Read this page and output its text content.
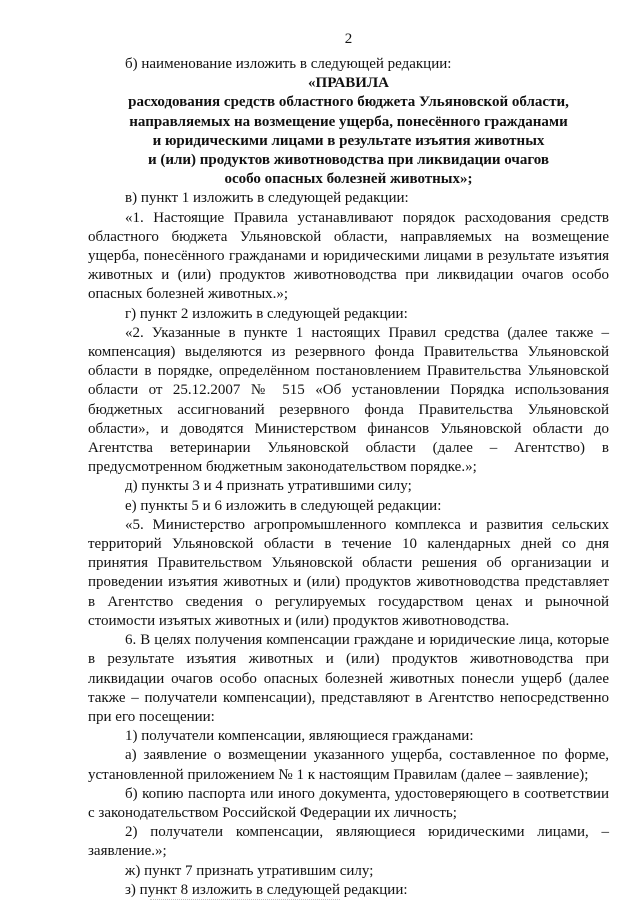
2

б) наименование изложить в следующей редакции:

«ПРАВИЛА
расходования средств областного бюджета Ульяновской области,
направляемых на возмещение ущерба, понесённого гражданами
и юридическими лицами в результате изъятия животных
и (или) продуктов животноводства при ликвидации очагов
особо опасных болезней животных»;

в) пункт 1 изложить в следующей редакции:

«1. Настоящие Правила устанавливают порядок расходования средств областного бюджета Ульяновской области, направляемых на возмещение ущерба, понесённого гражданами и юридическими лицами в результате изъятия животных и (или) продуктов животноводства при ликвидации очагов особо опасных болезней животных.»;

г) пункт 2 изложить в следующей редакции:

«2. Указанные в пункте 1 настоящих Правил средства (далее также – компенсация) выделяются из резервного фонда Правительства Ульяновской области в порядке, определённом постановлением Правительства Ульяновской области от 25.12.2007 № 515 «Об установлении Порядка использования бюджетных ассигнований резервного фонда Правительства Ульяновской области», и доводятся Министерством финансов Ульяновской области до Агентства ветеринарии Ульяновской области (далее – Агентство) в предусмотренном бюджетным законодательством порядке.»;

д) пункты 3 и 4 признать утратившими силу;

е) пункты 5 и 6 изложить в следующей редакции:

«5. Министерство агропромышленного комплекса и развития сельских территорий Ульяновской области в течение 10 календарных дней со дня принятия Правительством Ульяновской области решения об организации и проведении изъятия животных и (или) продуктов животноводства представляет в Агентство сведения о регулируемых государством ценах и рыночной стоимости изъятых животных и (или) продуктов животноводства.

6. В целях получения компенсации граждане и юридические лица, которые в результате изъятия животных и (или) продуктов животноводства при ликвидации очагов особо опасных болезней животных понесли ущерб (далее также – получатели компенсации), представляют в Агентство непосредственно при его посещении:

1) получатели компенсации, являющиеся гражданами:

а) заявление о возмещении указанного ущерба, составленное по форме, установленной приложением № 1 к настоящим Правилам (далее – заявление);

б) копию паспорта или иного документа, удостоверяющего в соответствии с законодательством Российской Федерации их личность;

2) получатели компенсации, являющиеся юридическими лицами, – заявление.»;

ж) пункт 7 признать утратившим силу;

з) пункт 8 изложить в следующей редакции:
